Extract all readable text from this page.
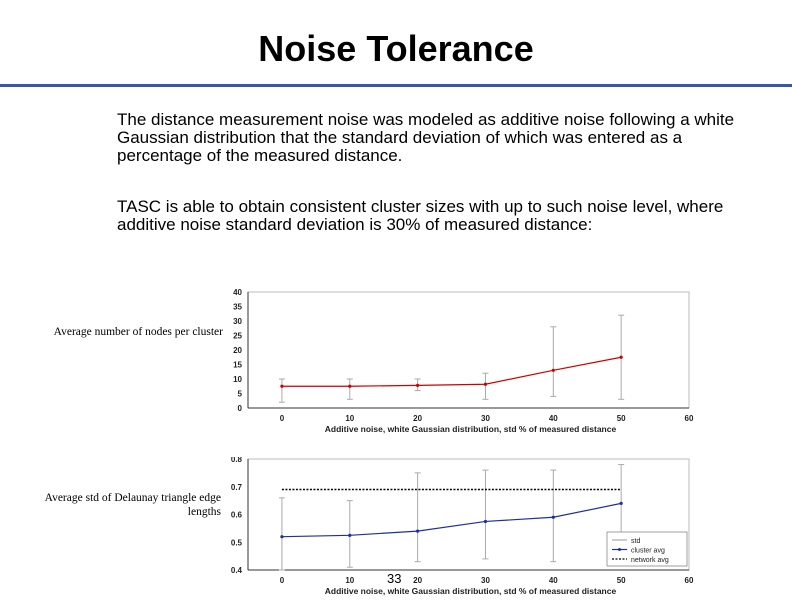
Noise Tolerance
The distance measurement noise was modeled as additive noise following a white Gaussian distribution that the standard deviation of which was entered as a percentage of the measured distance.
TASC is able to obtain consistent cluster sizes with up to such noise level, where additive noise standard deviation is 30% of measured distance:
Average number of nodes per cluster
Average std of Delaunay triangle edge lengths
0
5
10
15
20
25
30
35
40
0	10	20	30	40	50	60
Additive noise, white Gaussian distribution, std % of measured distance
0.4
0.5
0.6
0.7
0.8
0	10	20	30	40	50	60
Additive noise, white Gaussian distribution, std % of measured distance
std
cluster avg
network avg
33
